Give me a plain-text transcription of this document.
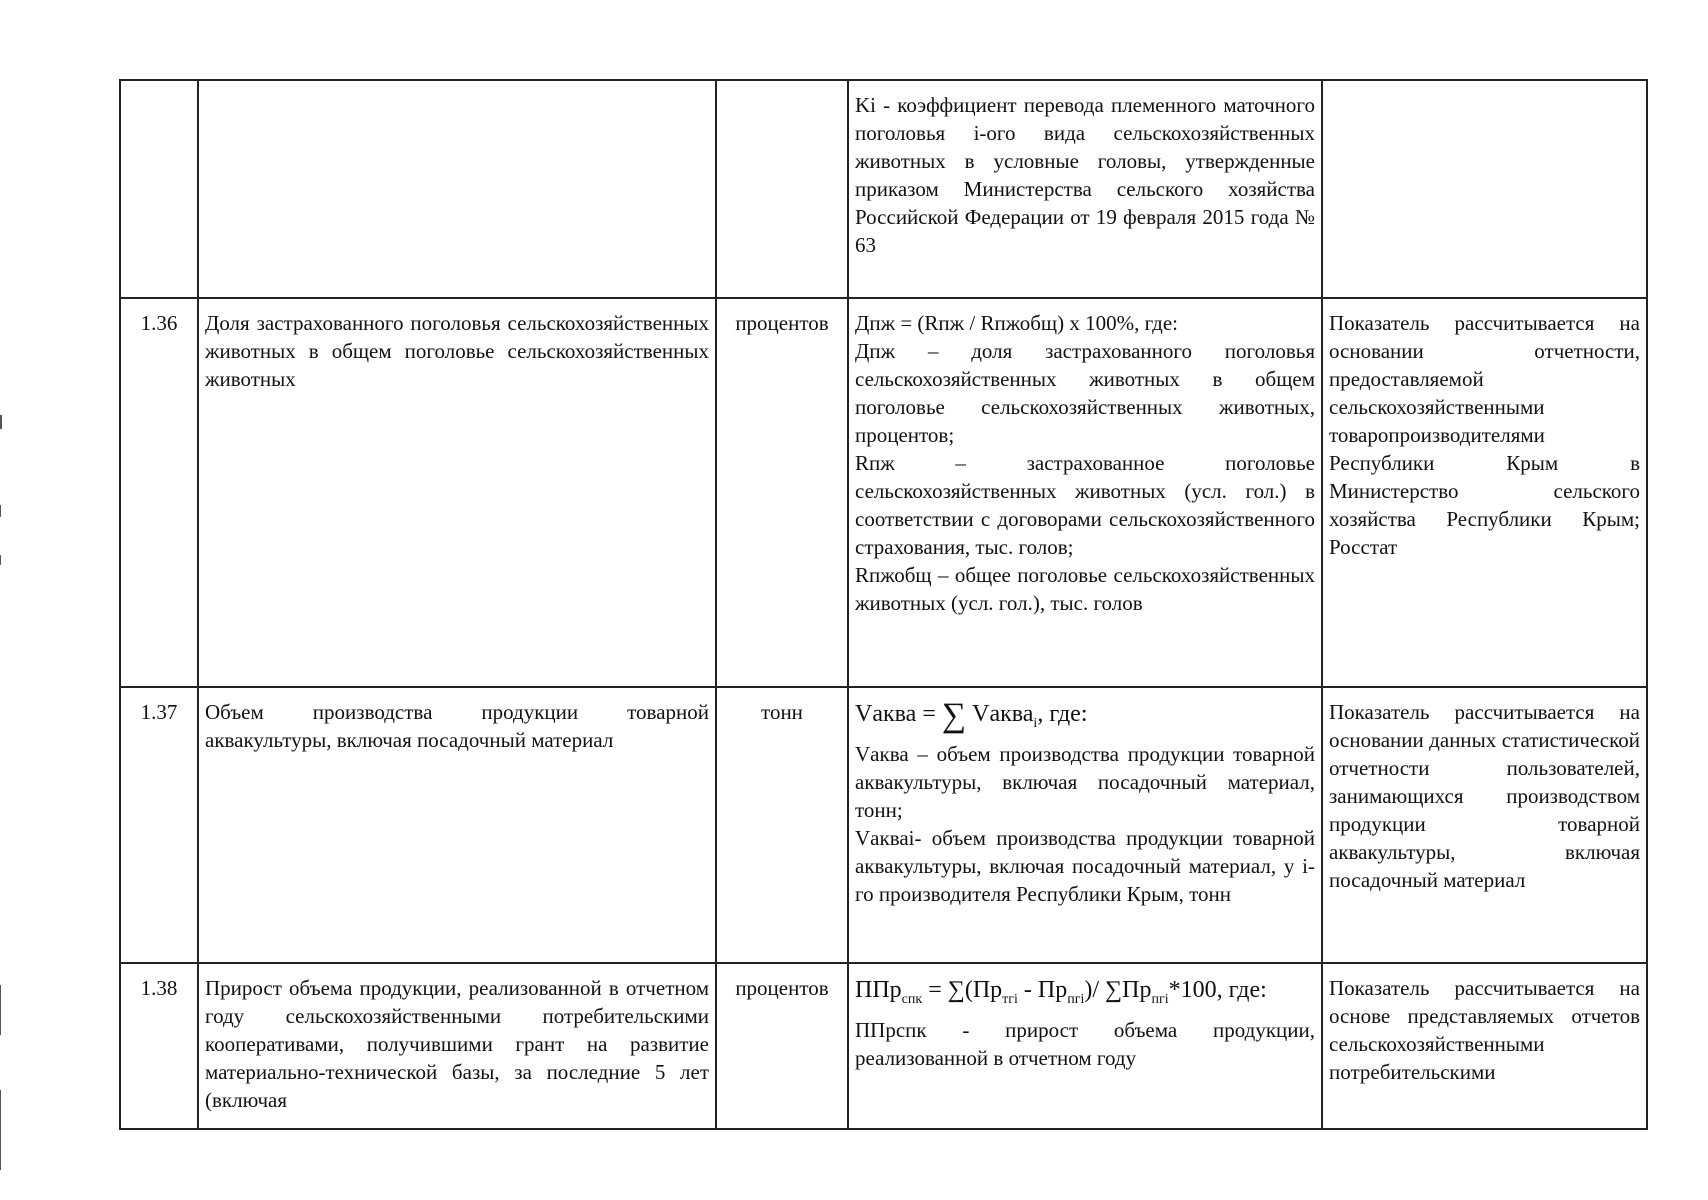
			Ki - коэффициент перевода племенного маточного поголовья i-ого вида сельскохозяйственных животных в условные головы, утвержденные приказом Министерства сельского хозяйства Российской Федерации от 19 февраля 2015 года № 63	

1.36	Доля застрахованного поголовья сельскохозяйственных животных в общем поголовье сельскохозяйственных животных	процентов	Дпж = (Rпж / Rпжобщ) x 100%, где:
Дпж – доля застрахованного поголовья сельскохозяйственных животных в общем поголовье сельскохозяйственных животных, процентов;
Rпж – застрахованное поголовье сельскохозяйственных животных (усл. гол.) в соответствии с договорами сельскохозяйственного страхования, тыс. голов;
Rпжобщ – общее поголовье сельскохозяйственных животных (усл. гол.), тыс. голов	Показатель рассчитывается на основании отчетности, предоставляемой сельскохозяйственными товаропроизводителями Республики Крым в Министерство сельского хозяйства Республики Крым; Росстат
1.37	Объем производства продукции товарной аквакультуры, включая посадочный материал	тонн	Vаква = ∑ Vаква$_i$, где:
Vаква – объем производства продукции товарной аквакультуры, включая посадочный материал, тонн;
Vакваi- объем производства продукции товарной аквакультуры, включая посадочный материал, у i-го производителя Республики Крым, тонн	Показатель рассчитывается на основании данных статистической отчетности пользователей, занимающихся производством продукции товарной аквакультуры, включая посадочный материал
1.38	Прирост объема продукции, реализованной в отчетном году сельскохозяйственными потребительскими кооперативами, получившими грант на развитие материально-технической базы, за последние 5 лет (включая	процентов	$ППр_{спк} = \sum(Пр_{тгi} - Пр_{пгi})/$ $\sum Пр_{пгi}*100$, где:
ППрспк - прирост объема продукции, реализованной в отчетном году	Показатель рассчитывается на основе представляемых отчетов сельскохозяйственными потребительскими
